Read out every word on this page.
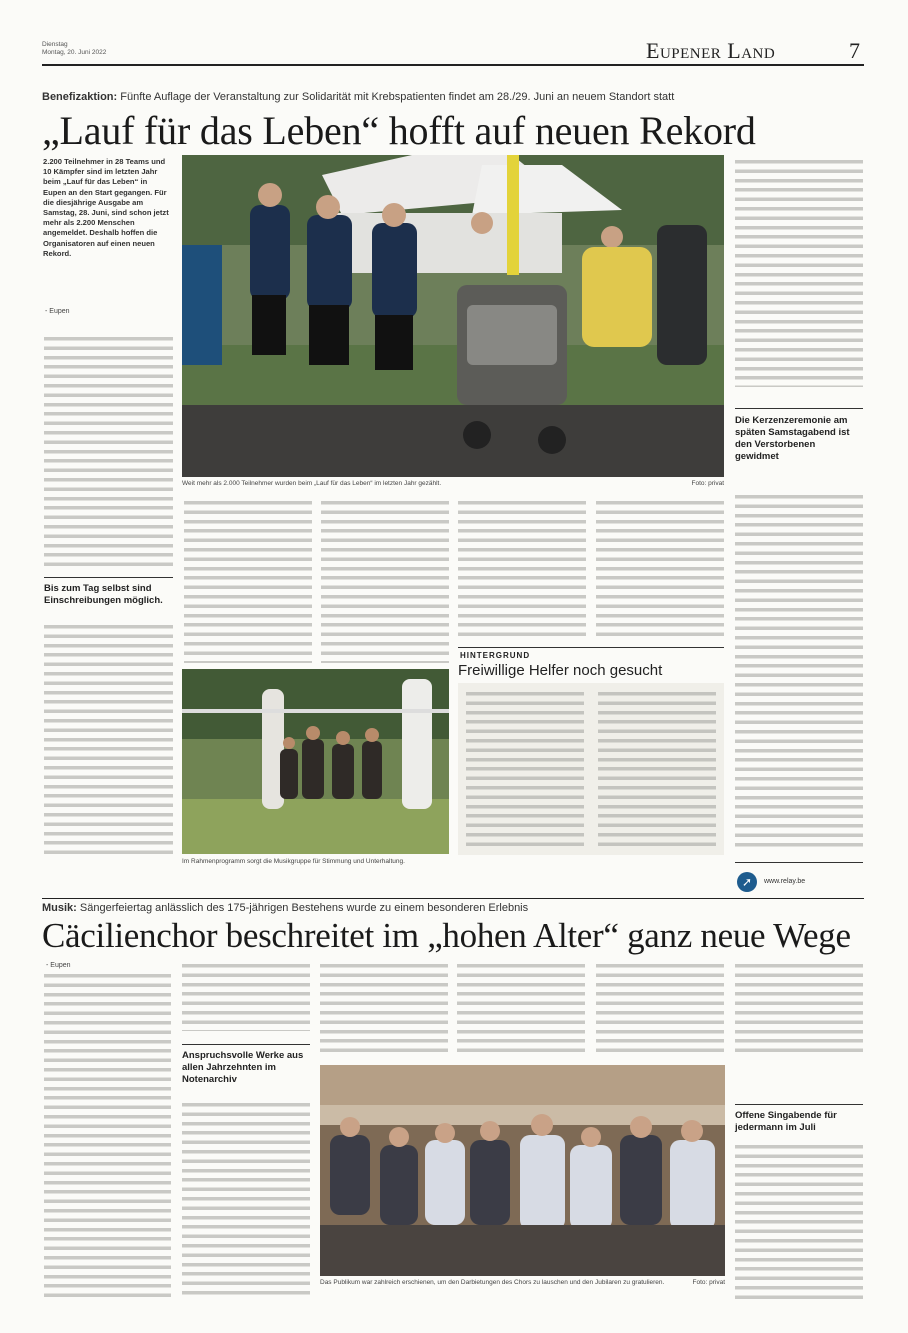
Dienstag
Montag, 20. Juni 2022	Eupener Land	7
Benefizaktion: Fünfte Auflage der Veranstaltung zur Solidarität mit Krebspatienten findet am 28./29. Juni an neuem Standort statt
„Lauf für das Leben“ hofft auf neuen Rekord
2.200 Teilnehmer in 28 Teams und 10 Kämpfer sind im letzten Jahr beim „Lauf für das Leben“ in Eupen an den Start gegangen. Für die diesjährige Ausgabe am Samstag, 28. Juni, sind schon jetzt mehr als 2.200 Menschen angemeldet. Deshalb hoffen die Organisatoren auf einen neuen Rekord.
- Eupen
Bis zum Tag selbst sind Einschreibungen möglich.
Weit mehr als 2.000 Teilnehmer wurden beim „Lauf für das Leben“ im letzten Jahr gezählt.	Foto: privat
Die Kerzenzeremonie am späten Samstagabend ist den Verstorbenen gewidmet
➚	www.relay.be
Im Rahmenprogramm sorgt die Musikgruppe für Stimmung und Unterhaltung.
HINTERGRUND
Freiwillige Helfer noch gesucht
Musik: Sängerfeiertag anlässlich des 175-jährigen Bestehens wurde zu einem besonderen Erlebnis
Cäcilienchor beschreitet im „hohen Alter“ ganz neue Wege
- Eupen
Anspruchsvolle Werke aus allen Jahrzehnten im Notenarchiv
Das Publikum war zahlreich erschienen, um den Darbietungen des Chors zu lauschen und den Jubilaren zu gratulieren.	Foto: privat
Offene Singabende für jedermann im Juli
